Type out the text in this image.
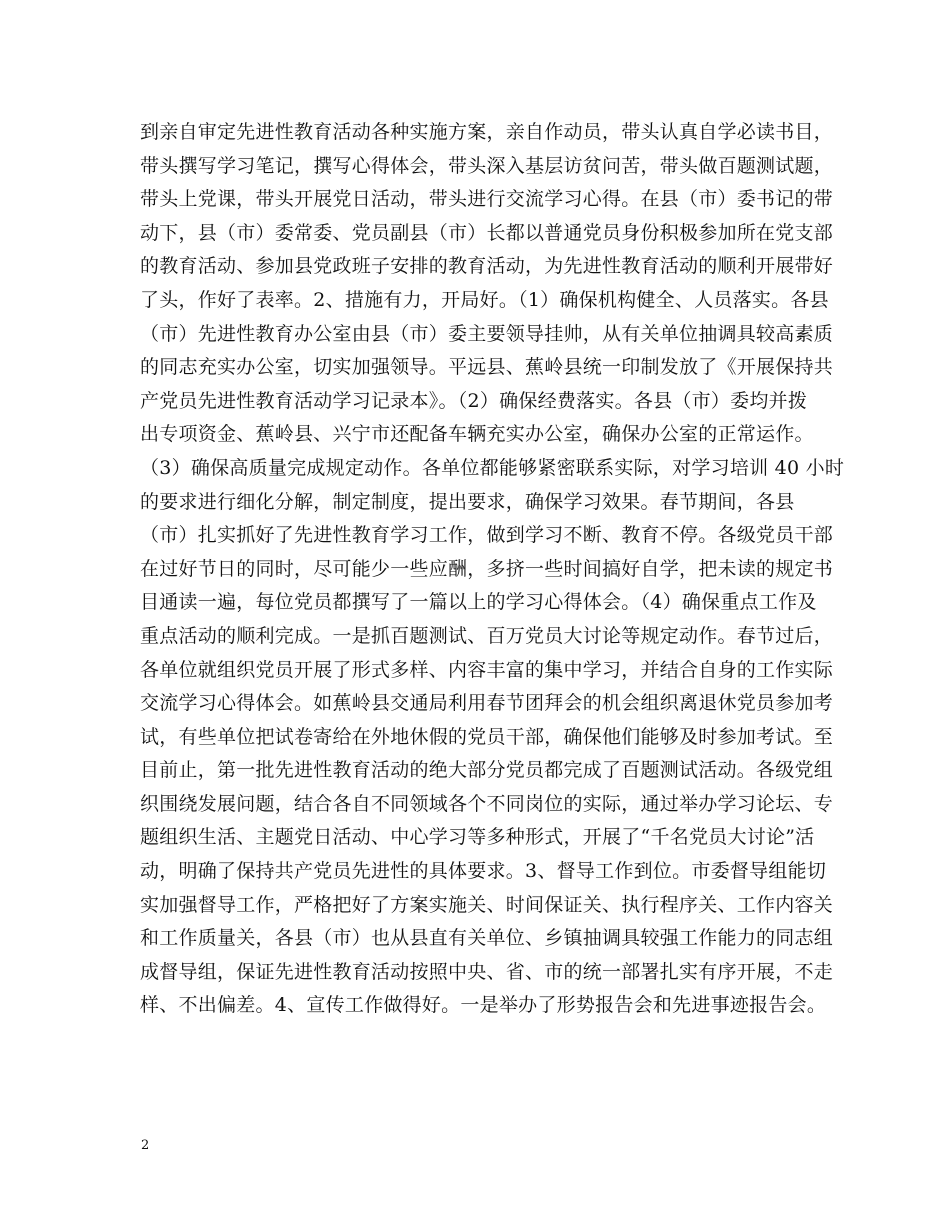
到亲自审定先进性教育活动各种实施方案，亲自作动员，带头认真自学必读书目，
带头撰写学习笔记，撰写心得体会，带头深入基层访贫问苦，带头做百题测试题，
带头上党课，带头开展党日活动，带头进行交流学习心得。在县（市）委书记的带
动下，县（市）委常委、党员副县（市）长都以普通党员身份积极参加所在党支部
的教育活动、参加县党政班子安排的教育活动，为先进性教育活动的顺利开展带好
了头，作好了表率。2、措施有力，开局好。（1）确保机构健全、人员落实。各县
（市）先进性教育办公室由县（市）委主要领导挂帅，从有关单位抽调具较高素质
的同志充实办公室，切实加强领导。平远县、蕉岭县统一印制发放了《开展保持共
产党员先进性教育活动学习记录本》。（2）确保经费落实。各县（市）委均并拨
出专项资金、蕉岭县、兴宁市还配备车辆充实办公室，确保办公室的正常运作。
（3）确保高质量完成规定动作。各单位都能够紧密联系实际，对学习培训 40 小时
的要求进行细化分解，制定制度，提出要求，确保学习效果。春节期间，各县
（市）扎实抓好了先进性教育学习工作，做到学习不断、教育不停。各级党员干部
在过好节日的同时，尽可能少一些应酬，多挤一些时间搞好自学，把未读的规定书
目通读一遍，每位党员都撰写了一篇以上的学习心得体会。（4）确保重点工作及
重点活动的顺利完成。一是抓百题测试、百万党员大讨论等规定动作。春节过后，
各单位就组织党员开展了形式多样、内容丰富的集中学习，并结合自身的工作实际
交流学习心得体会。如蕉岭县交通局利用春节团拜会的机会组织离退休党员参加考
试，有些单位把试卷寄给在外地休假的党员干部，确保他们能够及时参加考试。至
目前止，第一批先进性教育活动的绝大部分党员都完成了百题测试活动。各级党组
织围绕发展问题，结合各自不同领域各个不同岗位的实际，通过举办学习论坛、专
题组织生活、主题党日活动、中心学习等多种形式，开展了“千名党员大讨论”活
动，明确了保持共产党员先进性的具体要求。3、督导工作到位。市委督导组能切
实加强督导工作，严格把好了方案实施关、时间保证关、执行程序关、工作内容关
和工作质量关，各县（市）也从县直有关单位、乡镇抽调具较强工作能力的同志组
成督导组，保证先进性教育活动按照中央、省、市的统一部署扎实有序开展，不走
样、不出偏差。4、宣传工作做得好。一是举办了形势报告会和先进事迹报告会。
2
